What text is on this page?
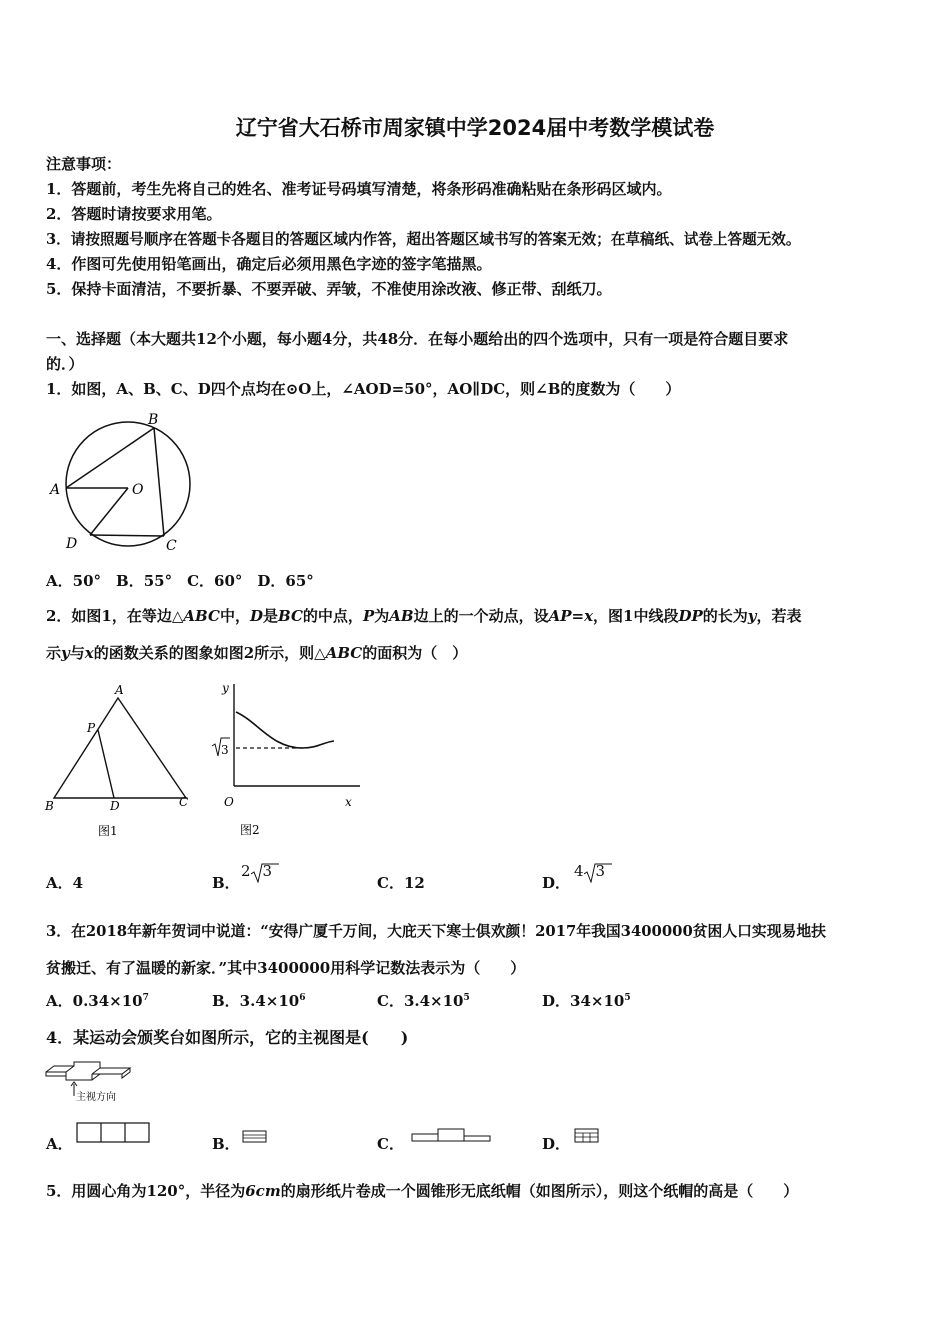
辽宁省大石桥市周家镇中学2024届中考数学模试卷
注意事项：
1．答题前，考生先将自己的姓名、准考证号码填写清楚，将条形码准确粘贴在条形码区域内。
2．答题时请按要求用笔。
3．请按照题号顺序在答题卡各题目的答题区域内作答，超出答题区域书写的答案无效；在草稿纸、试卷上答题无效。
4．作图可先使用铅笔画出，确定后必须用黑色字迹的签字笔描黑。
5．保持卡面清洁，不要折暴、不要弄破、弄皱，不准使用涂改液、修正带、刮纸刀。
一、选择题（本大题共12个小题，每小题4分，共48分．在每小题给出的四个选项中，只有一项是符合题目要求
的．）
1．如图，A、B、C、D四个点均在⊙O上，∠AOD=50°，AO∥DC，则∠B的度数为（　　）
B
A	O
D	C
A．50°　B．55°　C．60°　D．65°
2．如图1，在等边△ABC中，D是BC的中点，P为AB边上的一个动点，设AP=x，图1中线段DP的长为y，若表
示y与x的函数关系的图象如图2所示，则△ABC的面积为（　）
A
P
B	D	C
图1
y
3
O	x
图2
A．4	B．
2 3
C．12	D．
4 3
3．在2018年新年贺词中说道：“安得广厦千万间，大庇天下寒士俱欢颜！2017年我国3400000贫困人口实现易地扶
贫搬迁、有了温暖的新家．”其中3400000用科学记数法表示为（　　）
A．$0.34\times 10^7$	B．$3.4\times 10^6$	C．$3.4\times 10^5$	D．$34\times 10^5$
4．某运动会颁奖台如图所示，它的主视图是(　　)
主视方向
A．	B．	C．	D．
5．用圆心角为120°，半径为6cm的扇形纸片卷成一个圆锥形无底纸帽（如图所示），则这个纸帽的高是（　　）
